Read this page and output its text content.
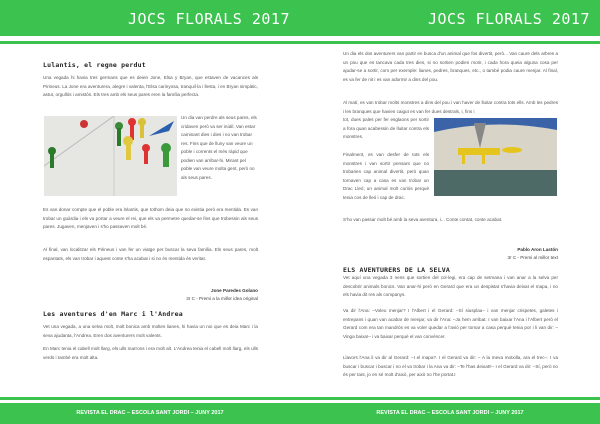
JOCS FLORALS 2017
Lulantis, el regne perdut
Una vegada hi havia tres germans que es deien Jone, Elsa y Bryan, que estaven de vacances als Pirineus. La Jone era aventurera, alegre i valenta, l'Elsa carinyosa, tranquil·la i llesta, i en Bryan simpàtic, astut, orgullós i amistós. Els tres amb els seus pares eren la família perfecta.
Un dia van perdre als seus pares, els cridaven però va ser inútil. Van estar caminant dies i dies i no van trobar res. Fins que de lluny van veure un poble i corrents el més ràpid que podien van arribar-hi. Mirant pel poble van veure molta gent, però no als seus pares.
Es van donar compte que el poble era lnlantis, que tothom deia que no existia però era mentida. Es van trobar un guàrdia i els va portar a veure el rei, que els va permetre quedar-se fins que trobessin als seus pares. Jugaven, menjaven i s'ho passaven molt bé.
Al final, van localitzar els Pirineus i van fer un viatge per buscar la seva família. Els seus pares, molt espantats, els van trobar i aquest conte s'ha acabat i si no és mentida és veritat.
Jone Paredes Golano
3r C - Premi a la millor idea original
Les aventures d'en Marc i l'Andrea
Vet una vegada, a una selva molt, molt bonica amb moltes lianes, hi havia un noi que es deia Marc i la seva ajudanta, l'Andrea. Eren dos aventurers molt valents.
En Marc tenia el cabell molt llarg, els ulls marrons i era molt alt. L'Andrea tenia el cabell molt llarg, els ulls verds i també era molt alta.
REVISTA EL DRAC – ESCOLA SANT JORDI – JUNY 2017
JOCS FLORALS 2017
Un dia els dos aventurers van partir en busca d'un animal que fos divertit, però... Van caure dels arbres a un pou que es tancava cada tres dies, si no sortien podien morir, i cada hora queia alguna cosa per ajudar-se a sortir, com per exemple: lianes, pedres, branques, etc., o també podia caure menjar. Al final, es va fer de nit i es van adormir a dins del pou.
Al matí, es van trobar molts monstres a dins del pou i van haver de lluitar contra tots ells. Amb les pedres i les branques que havien caigut es van fer dues destrals, i, fins i
tot, dues pales per fer esglaons per sortir a fora quan acabessin de lluitar contra els monstres.
Finalment, es van desfer de tots els monstres i van sortir pensant que no trobarien cap animal divertit, però quan tornaven cap a casa es van trobar un Drac Lleó; un animal molt curiós perquè tenia cos de lleó i cap de drac.
S'ho van passar molt bé amb la seva aventura, i... Conte contat, conte acabat.
Pablo Aron Lastón
3r C - Premi al millor text
ELS AVENTURERS DE LA SELVA
Vet aquí una vegada 3 nens que sortien del col·legi, era cap de setmana i van anar a la selva per descobrir animals bonics. Van anar-hi però en Gerard que era un despistat s'havia deixat el mapa, i no els havia dit res als companys.
Va dir l'Ana: –Voleu menjar? I l'Albert i el Gerard: –Sí siusplau– i van menjar crispetes, galetes i entrepans i quan van acabar de menjar, va dir l'Ana: –Ja hem arribat. I van baixar l'Ana i l'Albert però el Gerard com era tan mandrós es va voler quedar a l'avió per tornar a casa perquè tenia por i li van dir: –Vinga baixa!– i va baixar perquè el van convèncer.
Llavors l'Ana li va dir al Gerard: –I el mapa?. I el Gerard va dir: – A la meva motxilla, ara el trec–. I va buscar i buscar i buscar i no el va trobar i la Ana va dir: –Te l'has deixat!!– I el Gerard va dir: –Sí, però no és per tant, jo en sé molt d'això, per això no l'he portat.I
REVISTA EL DRAC – ESCOLA SANT JORDI – JUNY 2017
